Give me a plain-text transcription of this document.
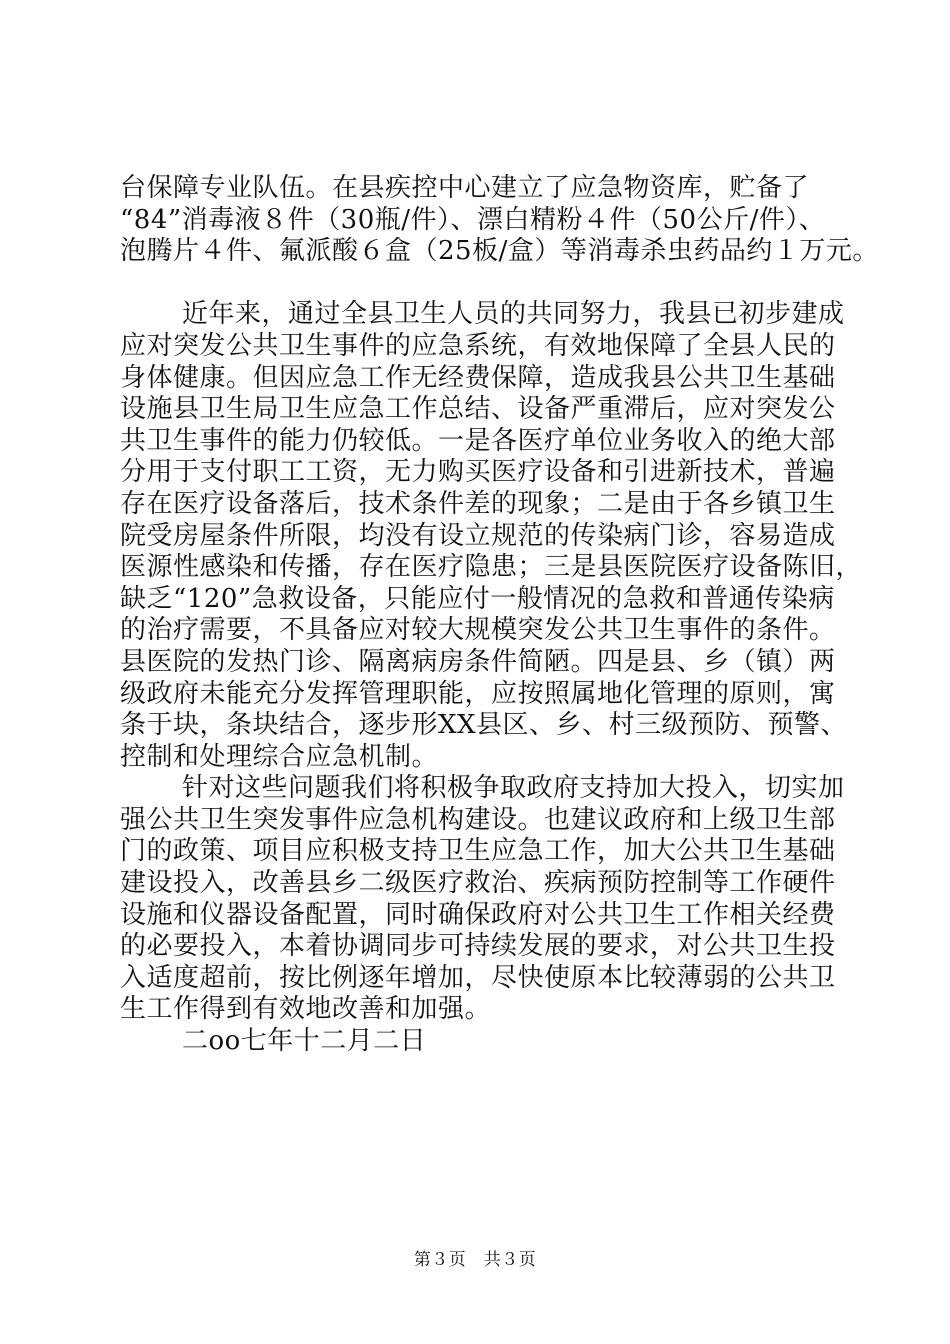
台保障专业队伍。在县疾控中心建立了应急物资库，贮备了
“84”消毒液８件（30瓶/件）、漂白精粉４件（50公斤/件）、
泡腾片４件、氟派酸６盒（25板/盒）等消毒杀虫药品约１万元。
近年来，通过全县卫生人员的共同努力，我县已初步建成
应对突发公共卫生事件的应急系统，有效地保障了全县人民的
身体健康。但因应急工作无经费保障，造成我县公共卫生基础
设施县卫生局卫生应急工作总结、设备严重滞后，应对突发公
共卫生事件的能力仍较低。一是各医疗单位业务收入的绝大部
分用于支付职工工资，无力购买医疗设备和引进新技术，普遍
存在医疗设备落后，技术条件差的现象；二是由于各乡镇卫生
院受房屋条件所限，均没有设立规范的传染病门诊，容易造成
医源性感染和传播，存在医疗隐患；三是县医院医疗设备陈旧，
缺乏“120”急救设备，只能应付一般情况的急救和普通传染病
的治疗需要，不具备应对较大规模突发公共卫生事件的条件。
县医院的发热门诊、隔离病房条件简陋。四是县、乡（镇）两
级政府未能充分发挥管理职能，应按照属地化管理的原则，寓
条于块，条块结合，逐步形XX县区、乡、村三级预防、预警、
控制和处理综合应急机制。
针对这些问题我们将积极争取政府支持加大投入，切实加
强公共卫生突发事件应急机构建设。也建议政府和上级卫生部
门的政策、项目应积极支持卫生应急工作，加大公共卫生基础
建设投入，改善县乡二级医疗救治、疾病预防控制等工作硬件
设施和仪器设备配置，同时确保政府对公共卫生工作相关经费
的必要投入，本着协调同步可持续发展的要求，对公共卫生投
入适度超前，按比例逐年增加，尽快使原本比较薄弱的公共卫
生工作得到有效地改善和加强。
二oo七年十二月二日
第３页　共３页
